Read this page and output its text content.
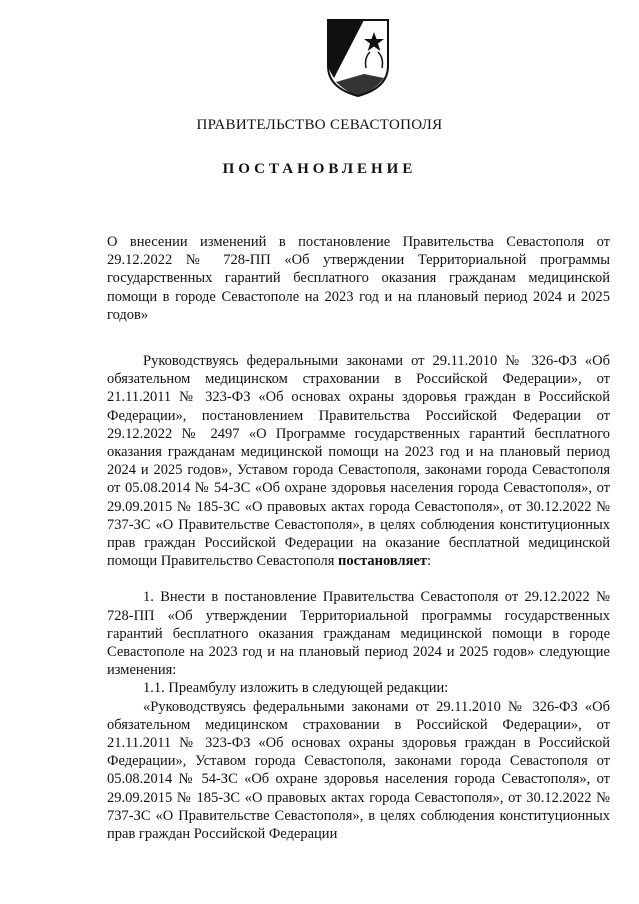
ПРАВИТЕЛЬСТВО СЕВАСТОПОЛЯ
ПОСТАНОВЛЕНИЕ
О внесении изменений в постановление Правительства Севастополя от 29.12.2022 № 728-ПП «Об утверждении Территориальной программы государственных гарантий бесплатного оказания гражданам медицинской помощи в городе Севастополе на 2023 год и на плановый период 2024 и 2025 годов»

Руководствуясь федеральными законами от 29.11.2010 № 326-ФЗ «Об обязательном медицинском страховании в Российской Федерации», от 21.11.2011 № 323-ФЗ «Об основах охраны здоровья граждан в Российской Федерации», постановлением Правительства Российской Федерации от 29.12.2022 № 2497 «О Программе государственных гарантий бесплатного оказания гражданам медицинской помощи на 2023 год и на плановый период 2024 и 2025 годов», Уставом города Севастополя, законами города Севастополя от 05.08.2014 № 54-ЗС «Об охране здоровья населения города Севастополя», от 29.09.2015 № 185-ЗС «О правовых актах города Севастополя», от 30.12.2022 № 737-ЗС «О Правительстве Севастополя», в целях соблюдения конституционных прав граждан Российской Федерации на оказание бесплатной медицинской помощи Правительство Севастополя постановляет:

1. Внести в постановление Правительства Севастополя от 29.12.2022 № 728-ПП «Об утверждении Территориальной программы государственных гарантий бесплатного оказания гражданам медицинской помощи в городе Севастополе на 2023 год и на плановый период 2024 и 2025 годов» следующие изменения:

1.1. Преамбулу изложить в следующей редакции:

«Руководствуясь федеральными законами от 29.11.2010 № 326-ФЗ «Об обязательном медицинском страховании в Российской Федерации», от 21.11.2011 № 323-ФЗ «Об основах охраны здоровья граждан в Российской Федерации», Уставом города Севастополя, законами города Севастополя от 05.08.2014 № 54-ЗС «Об охране здоровья населения города Севастополя», от 29.09.2015 № 185-ЗС «О правовых актах города Севастополя», от 30.12.2022 № 737-ЗС «О Правительстве Севастополя», в целях соблюдения конституционных прав граждан Российской Федерации
